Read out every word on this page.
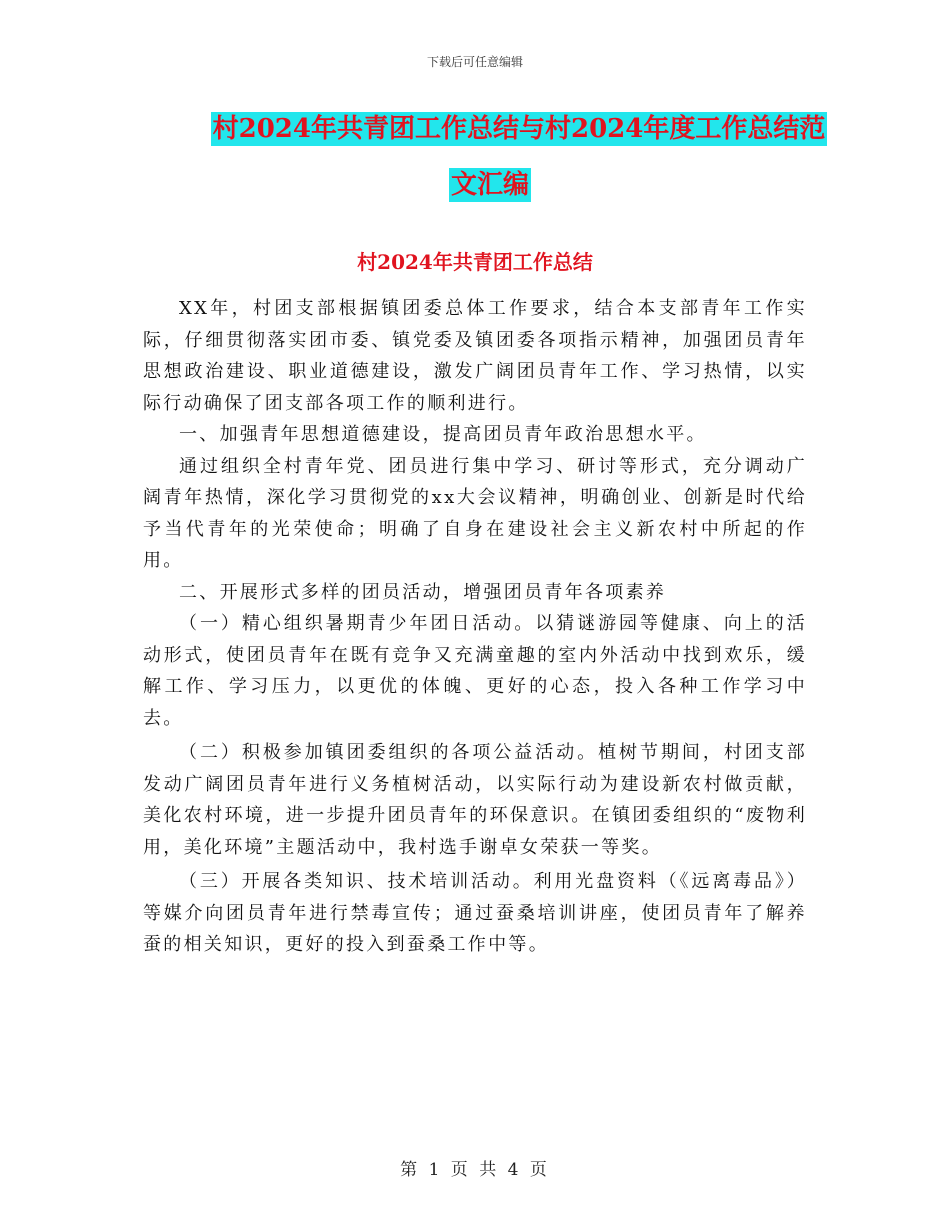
下载后可任意编辑
村2024年共青团工作总结与村2024年度工作总结范
文汇编
村2024年共青团工作总结

XX年，村团支部根据镇团委总体工作要求，结合本支部青年工作实际，仔细贯彻落实团市委、镇党委及镇团委各项指示精神，加强团员青年思想政治建设、职业道德建设，激发广阔团员青年工作、学习热情，以实际行动确保了团支部各项工作的顺利进行。

一、加强青年思想道德建设，提高团员青年政治思想水平。

通过组织全村青年党、团员进行集中学习、研讨等形式，充分调动广阔青年热情，深化学习贯彻党的xx大会议精神，明确创业、创新是时代给予当代青年的光荣使命；明确了自身在建设社会主义新农村中所起的作用。

二、开展形式多样的团员活动，增强团员青年各项素养

（一）精心组织暑期青少年团日活动。以猜谜游园等健康、向上的活动形式，使团员青年在既有竞争又充满童趣的室内外活动中找到欢乐，缓解工作、学习压力，以更优的体魄、更好的心态，投入各种工作学习中去。

（二）积极参加镇团委组织的各项公益活动。植树节期间，村团支部发动广阔团员青年进行义务植树活动，以实际行动为建设新农村做贡献，美化农村环境，进一步提升团员青年的环保意识。在镇团委组织的“废物利用，美化环境”主题活动中，我村选手谢卓女荣获一等奖。

（三）开展各类知识、技术培训活动。利用光盘资料（《远离毒品》）等媒介向团员青年进行禁毒宣传；通过蚕桑培训讲座，使团员青年了解养蚕的相关知识，更好的投入到蚕桑工作中等。

第 1 页 共 4 页
